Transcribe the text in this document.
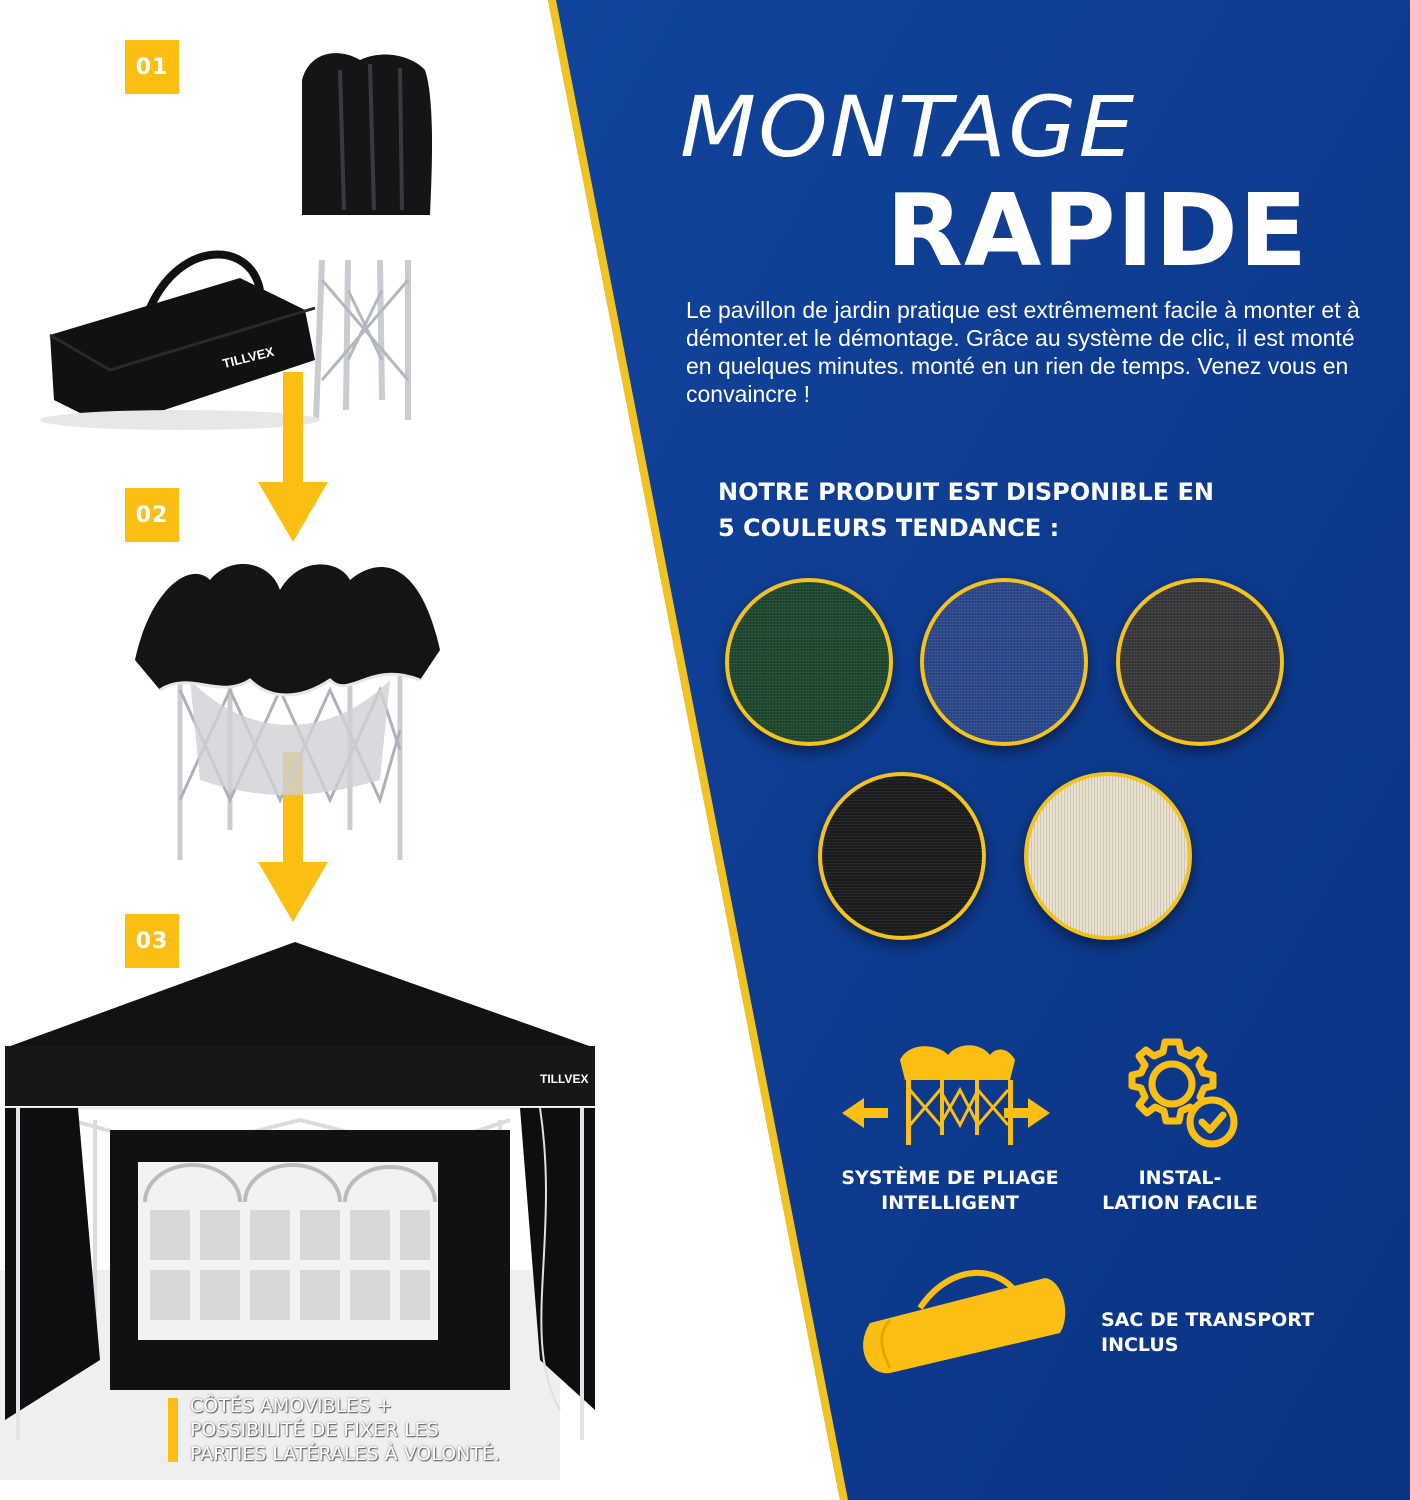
01
02
03
TILLVEX
TILLVEX
CÔTÉS AMOVIBLES +
POSSIBILITÉ DE FIXER LES
PARTIES LATÉRALES À VOLONTÉ.
MONTAGE
RAPIDE
Le pavillon de jardin pratique est extrêmement facile à monter et à démonter.et le démontage. Grâce au système de clic, il est monté en quelques minutes. monté en un rien de temps. Venez vous en convaincre !
NOTRE PRODUIT EST DISPONIBLE EN
5 COULEURS TENDANCE :
SYSTÈME DE PLIAGE
INTELLIGENT
INSTAL-
LATION FACILE
SAC DE TRANSPORT
INCLUS
